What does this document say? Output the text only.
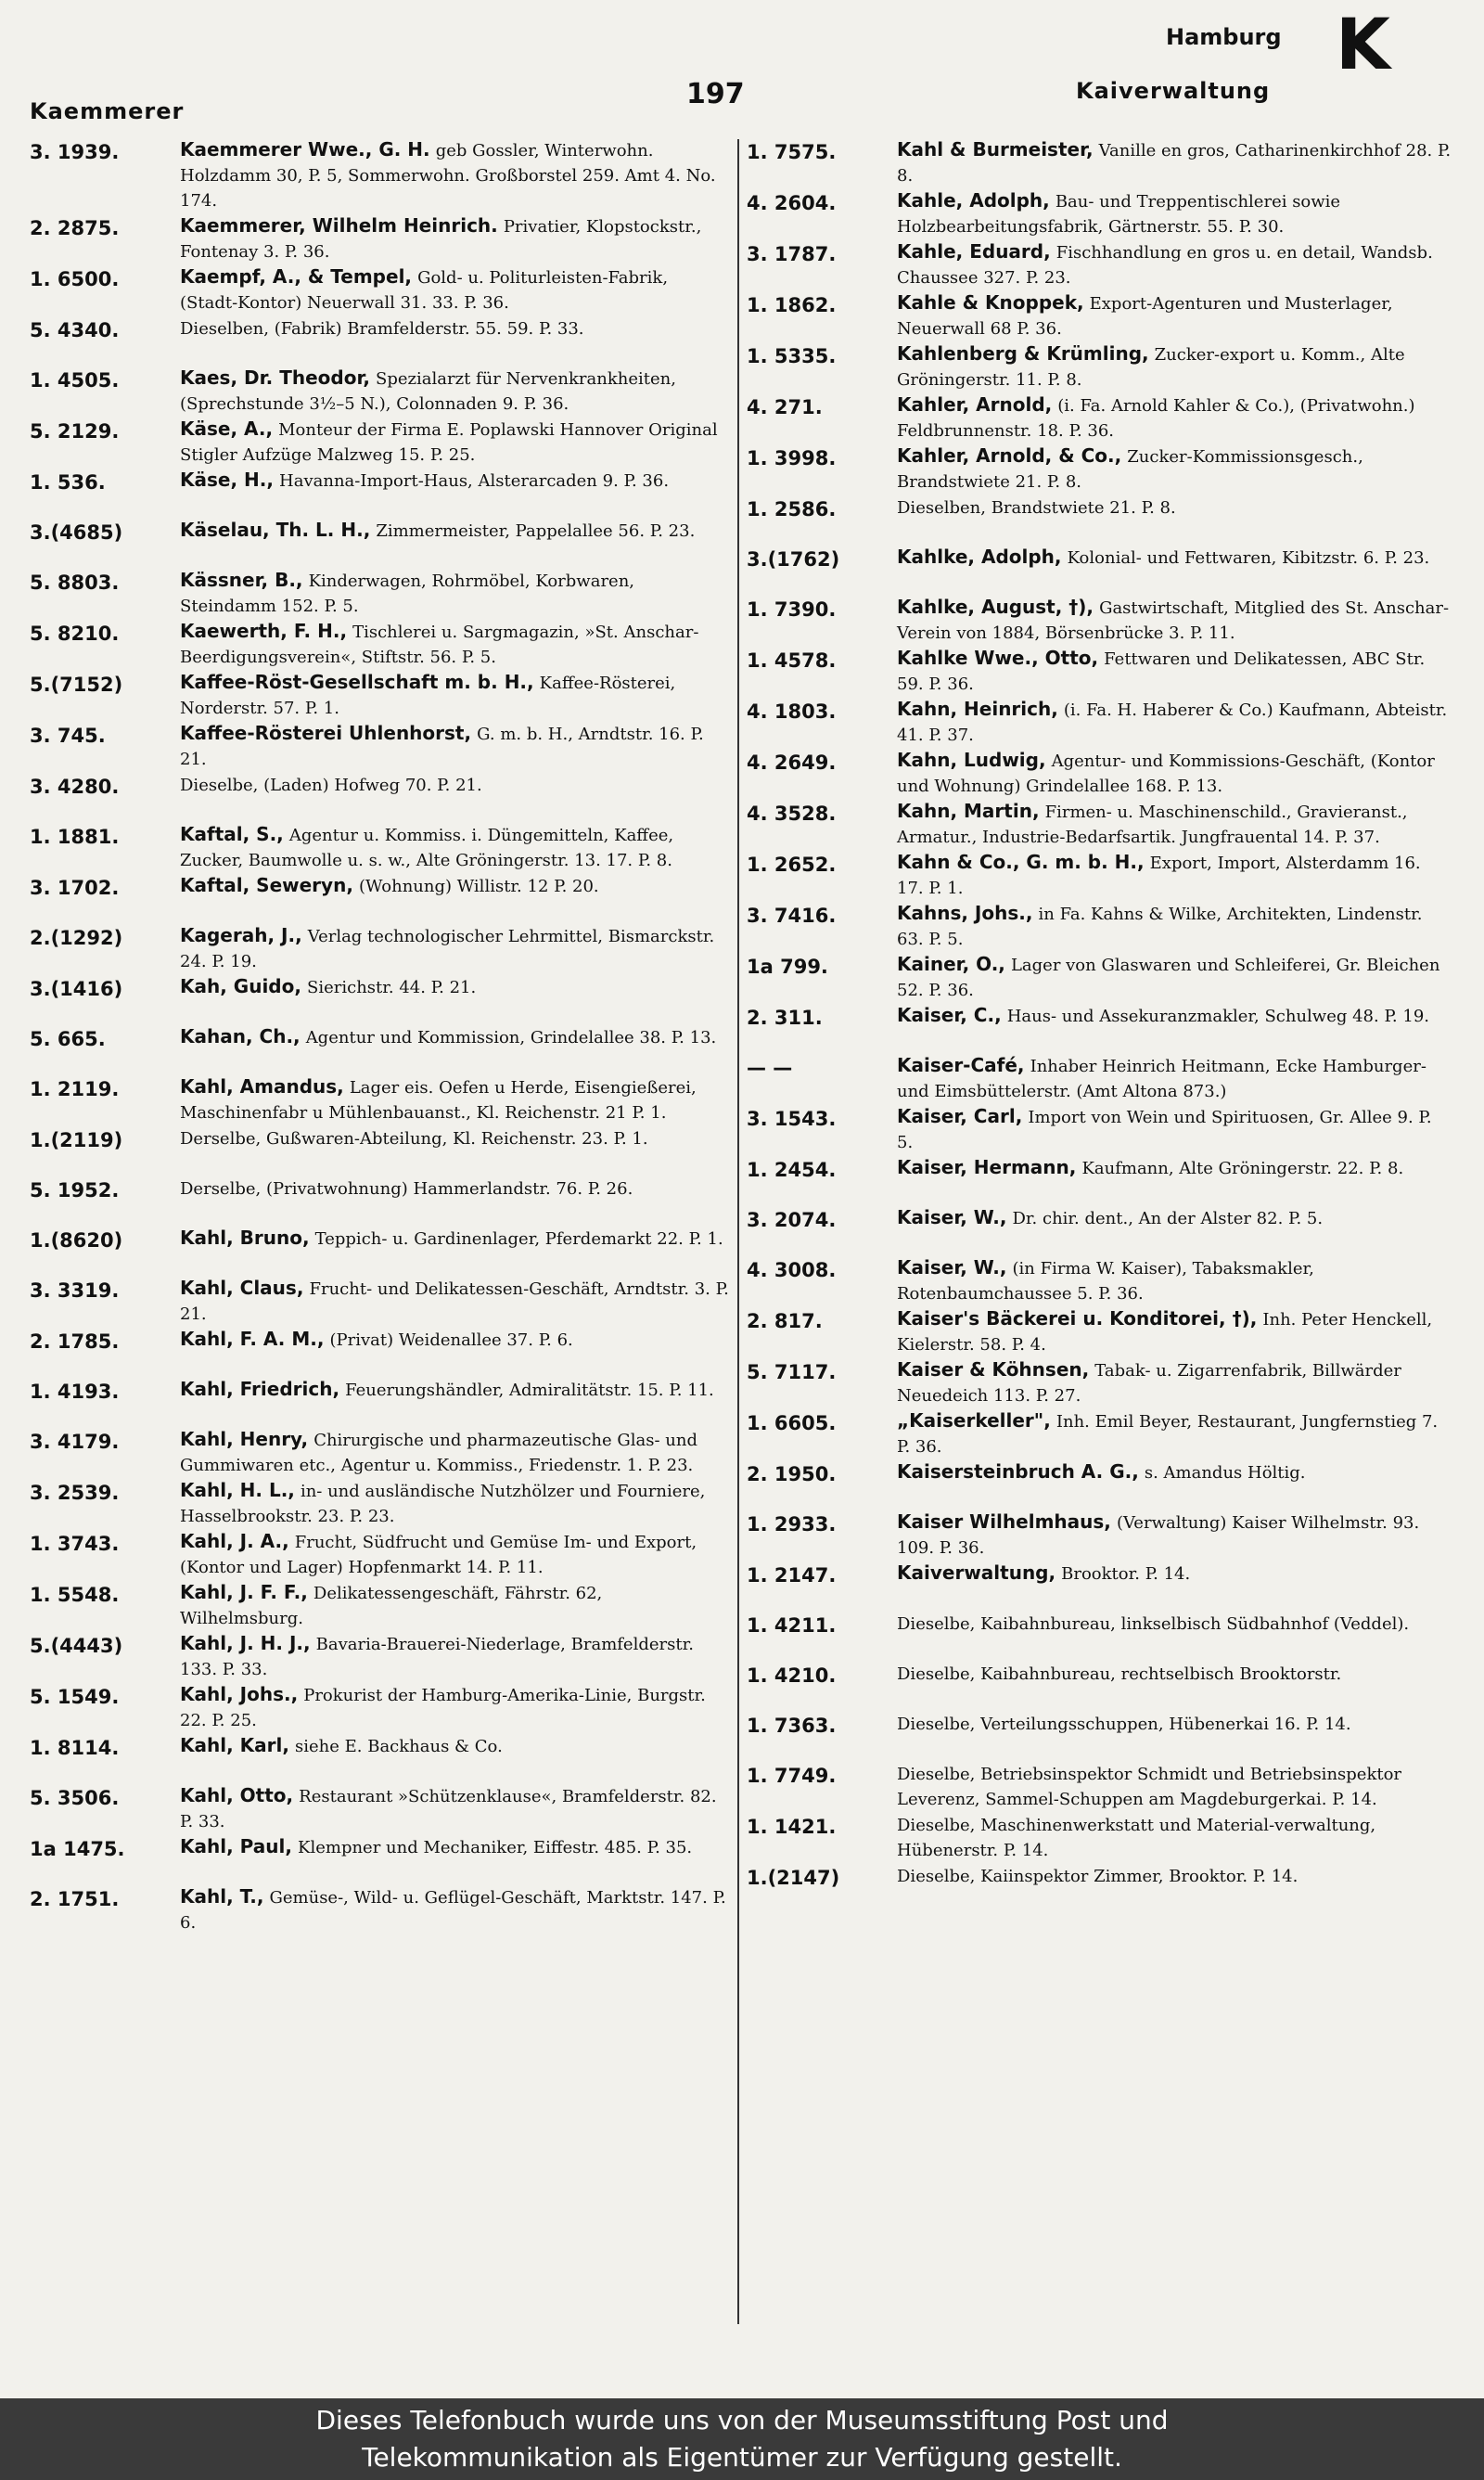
Hamburg K
Kaemmerer
197	Kaiverwaltung
3. 1939.	Kaemmerer Wwe., G. H. geb Gossler, Winterwohn. Holzdamm 30, P. 5, Sommerwohn. Großborstel 259. Amt 4. No. 174.
2. 2875.	Kaemmerer, Wilhelm Heinrich. Privatier, Klopstockstr., Fontenay 3. P. 36.
1. 6500.	Kaempf, A., & Tempel, Gold- u. Politurleisten-Fabrik, (Stadt-Kontor) Neuerwall 31. 33. P. 36.
5. 4340.	Dieselben, (Fabrik) Bramfelderstr. 55. 59. P. 33.
1. 4505.	Kaes, Dr. Theodor, Spezialarzt für Nervenkrankheiten, (Sprechstunde 3½–5 N.), Colonnaden 9. P. 36.
5. 2129.	Käse, A., Monteur der Firma E. Poplawski Hannover Original Stigler Aufzüge Malzweg 15. P. 25.
1. 536.	Käse, H., Havanna-Import-Haus, Alsterarcaden 9. P. 36.
3.(4685)	Käselau, Th. L. H., Zimmermeister, Pappelallee 56. P. 23.
5. 8803.	Kässner, B., Kinderwagen, Rohrmöbel, Korbwaren, Steindamm 152. P. 5.
5. 8210.	Kaewerth, F. H., Tischlerei u. Sargmagazin, »St. Anschar-Beerdigungsverein«, Stiftstr. 56. P. 5.
5.(7152)	Kaffee-Röst-Gesellschaft m. b. H., Kaffee-Rösterei, Norderstr. 57. P. 1.
3. 745.	Kaffee-Rösterei Uhlenhorst, G. m. b. H., Arndtstr. 16. P. 21.
3. 4280.	Dieselbe, (Laden) Hofweg 70. P. 21.
1. 1881.	Kaftal, S., Agentur u. Kommiss. i. Düngemitteln, Kaffee, Zucker, Baumwolle u. s. w., Alte Gröningerstr. 13. 17. P. 8.
3. 1702.	Kaftal, Seweryn, (Wohnung) Willistr. 12 P. 20.
2.(1292)	Kagerah, J., Verlag technologischer Lehrmittel, Bismarckstr. 24. P. 19.
3.(1416)	Kah, Guido, Sierichstr. 44. P. 21.
5. 665.	Kahan, Ch., Agentur und Kommission, Grindelallee 38. P. 13.
1. 2119.	Kahl, Amandus, Lager eis. Oefen u Herde, Eisengießerei, Maschinenfabr u Mühlenbauanst., Kl. Reichenstr. 21 P. 1.
1.(2119)	Derselbe, Gußwaren-Abteilung, Kl. Reichenstr. 23. P. 1.
5. 1952.	Derselbe, (Privatwohnung) Hammerlandstr. 76. P. 26.
1.(8620)	Kahl, Bruno, Teppich- u. Gardinenlager, Pferdemarkt 22. P. 1.
3. 3319.	Kahl, Claus, Frucht- und Delikatessen-Geschäft, Arndtstr. 3. P. 21.
2. 1785.	Kahl, F. A. M., (Privat) Weidenallee 37. P. 6.
1. 4193.	Kahl, Friedrich, Feuerungshändler, Admiralitätstr. 15. P. 11.
3. 4179.	Kahl, Henry, Chirurgische und pharmazeutische Glas- und Gummiwaren etc., Agentur u. Kommiss., Friedenstr. 1. P. 23.
3. 2539.	Kahl, H. L., in- und ausländische Nutzhölzer und Fourniere, Hasselbrookstr. 23. P. 23.
1. 3743.	Kahl, J. A., Frucht, Südfrucht und Gemüse Im- und Export, (Kontor und Lager) Hopfenmarkt 14. P. 11.
1. 5548.	Kahl, J. F. F., Delikatessengeschäft, Fährstr. 62, Wilhelmsburg.
5.(4443)	Kahl, J. H. J., Bavaria-Brauerei-Niederlage, Bramfelderstr. 133. P. 33.
5. 1549.	Kahl, Johs., Prokurist der Hamburg-Amerika-Linie, Burgstr. 22. P. 25.
1. 8114.	Kahl, Karl, siehe E. Backhaus & Co.
5. 3506.	Kahl, Otto, Restaurant »Schützenklause«, Bramfelderstr. 82. P. 33.
1a 1475.	Kahl, Paul, Klempner und Mechaniker, Eiffestr. 485. P. 35.
2. 1751.	Kahl, T., Gemüse-, Wild- u. Geflügel-Geschäft, Marktstr. 147. P. 6.
1. 7575.	Kahl & Burmeister, Vanille en gros, Catharinenkirchhof 28. P. 8.
4. 2604.	Kahle, Adolph, Bau- und Treppentischlerei sowie Holzbearbeitungsfabrik, Gärtnerstr. 55. P. 30.
3. 1787.	Kahle, Eduard, Fischhandlung en gros u. en detail, Wandsb. Chaussee 327. P. 23.
1. 1862.	Kahle & Knoppek, Export-Agenturen und Musterlager, Neuerwall 68 P. 36.
1. 5335.	Kahlenberg & Krümling, Zucker-export u. Komm., Alte Gröningerstr. 11. P. 8.
4. 271.	Kahler, Arnold, (i. Fa. Arnold Kahler & Co.), (Privatwohn.) Feldbrunnenstr. 18. P. 36.
1. 3998.	Kahler, Arnold, & Co., Zucker-Kommissionsgesch., Brandstwiete 21. P. 8.
1. 2586.	Dieselben, Brandstwiete 21. P. 8.
3.(1762)	Kahlke, Adolph, Kolonial- und Fettwaren, Kibitzstr. 6. P. 23.
1. 7390.	Kahlke, August, †), Gastwirtschaft, Mitglied des St. Anschar-Verein von 1884, Börsenbrücke 3. P. 11.
1. 4578.	Kahlke Wwe., Otto, Fettwaren und Delikatessen, ABC Str. 59. P. 36.
4. 1803.	Kahn, Heinrich, (i. Fa. H. Haberer & Co.) Kaufmann, Abteistr. 41. P. 37.
4. 2649.	Kahn, Ludwig, Agentur- und Kommissions-Geschäft, (Kontor und Wohnung) Grindelallee 168. P. 13.
4. 3528.	Kahn, Martin, Firmen- u. Maschinenschild., Gravieranst., Armatur., Industrie-Bedarfsartik. Jungfrauental 14. P. 37.
1. 2652.	Kahn & Co., G. m. b. H., Export, Import, Alsterdamm 16. 17. P. 1.
3. 7416.	Kahns, Johs., in Fa. Kahns & Wilke, Architekten, Lindenstr. 63. P. 5.
1a 799.	Kainer, O., Lager von Glaswaren und Schleiferei, Gr. Bleichen 52. P. 36.
2. 311.	Kaiser, C., Haus- und Assekuranzmakler, Schulweg 48. P. 19.
— —	Kaiser-Café, Inhaber Heinrich Heitmann, Ecke Hamburger- und Eimsbüttelerstr. (Amt Altona 873.)
3. 1543.	Kaiser, Carl, Import von Wein und Spirituosen, Gr. Allee 9. P. 5.
1. 2454.	Kaiser, Hermann, Kaufmann, Alte Gröningerstr. 22. P. 8.
3. 2074.	Kaiser, W., Dr. chir. dent., An der Alster 82. P. 5.
4. 3008.	Kaiser, W., (in Firma W. Kaiser), Tabaksmakler, Rotenbaumchaussee 5. P. 36.
2. 817.	Kaiser's Bäckerei u. Konditorei, †), Inh. Peter Henckell, Kielerstr. 58. P. 4.
5. 7117.	Kaiser & Köhnsen, Tabak- u. Zigarrenfabrik, Billwärder Neuedeich 113. P. 27.
1. 6605.	„Kaiserkeller", Inh. Emil Beyer, Restaurant, Jungfernstieg 7. P. 36.
2. 1950.	Kaisersteinbruch A. G., s. Amandus Höltig.
1. 2933.	Kaiser Wilhelmhaus, (Verwaltung) Kaiser Wilhelmstr. 93. 109. P. 36.
1. 2147.	Kaiverwaltung, Brooktor. P. 14.
1. 4211.	Dieselbe, Kaibahnbureau, linkselbisch Südbahnhof (Veddel).
1. 4210.	Dieselbe, Kaibahnbureau, rechtselbisch Brooktorstr.
1. 7363.	Dieselbe, Verteilungsschuppen, Hübenerkai 16. P. 14.
1. 7749.	Dieselbe, Betriebsinspektor Schmidt und Betriebsinspektor Leverenz, Sammel-Schuppen am Magdeburgerkai. P. 14.
1. 1421.	Dieselbe, Maschinenwerkstatt und Material-verwaltung, Hübenerstr. P. 14.
1.(2147)	Dieselbe, Kaiinspektor Zimmer, Brooktor. P. 14.
Dieses Telefonbuch wurde uns von der Museumsstiftung Post und
Telekommunikation als Eigentümer zur Verfügung gestellt.
